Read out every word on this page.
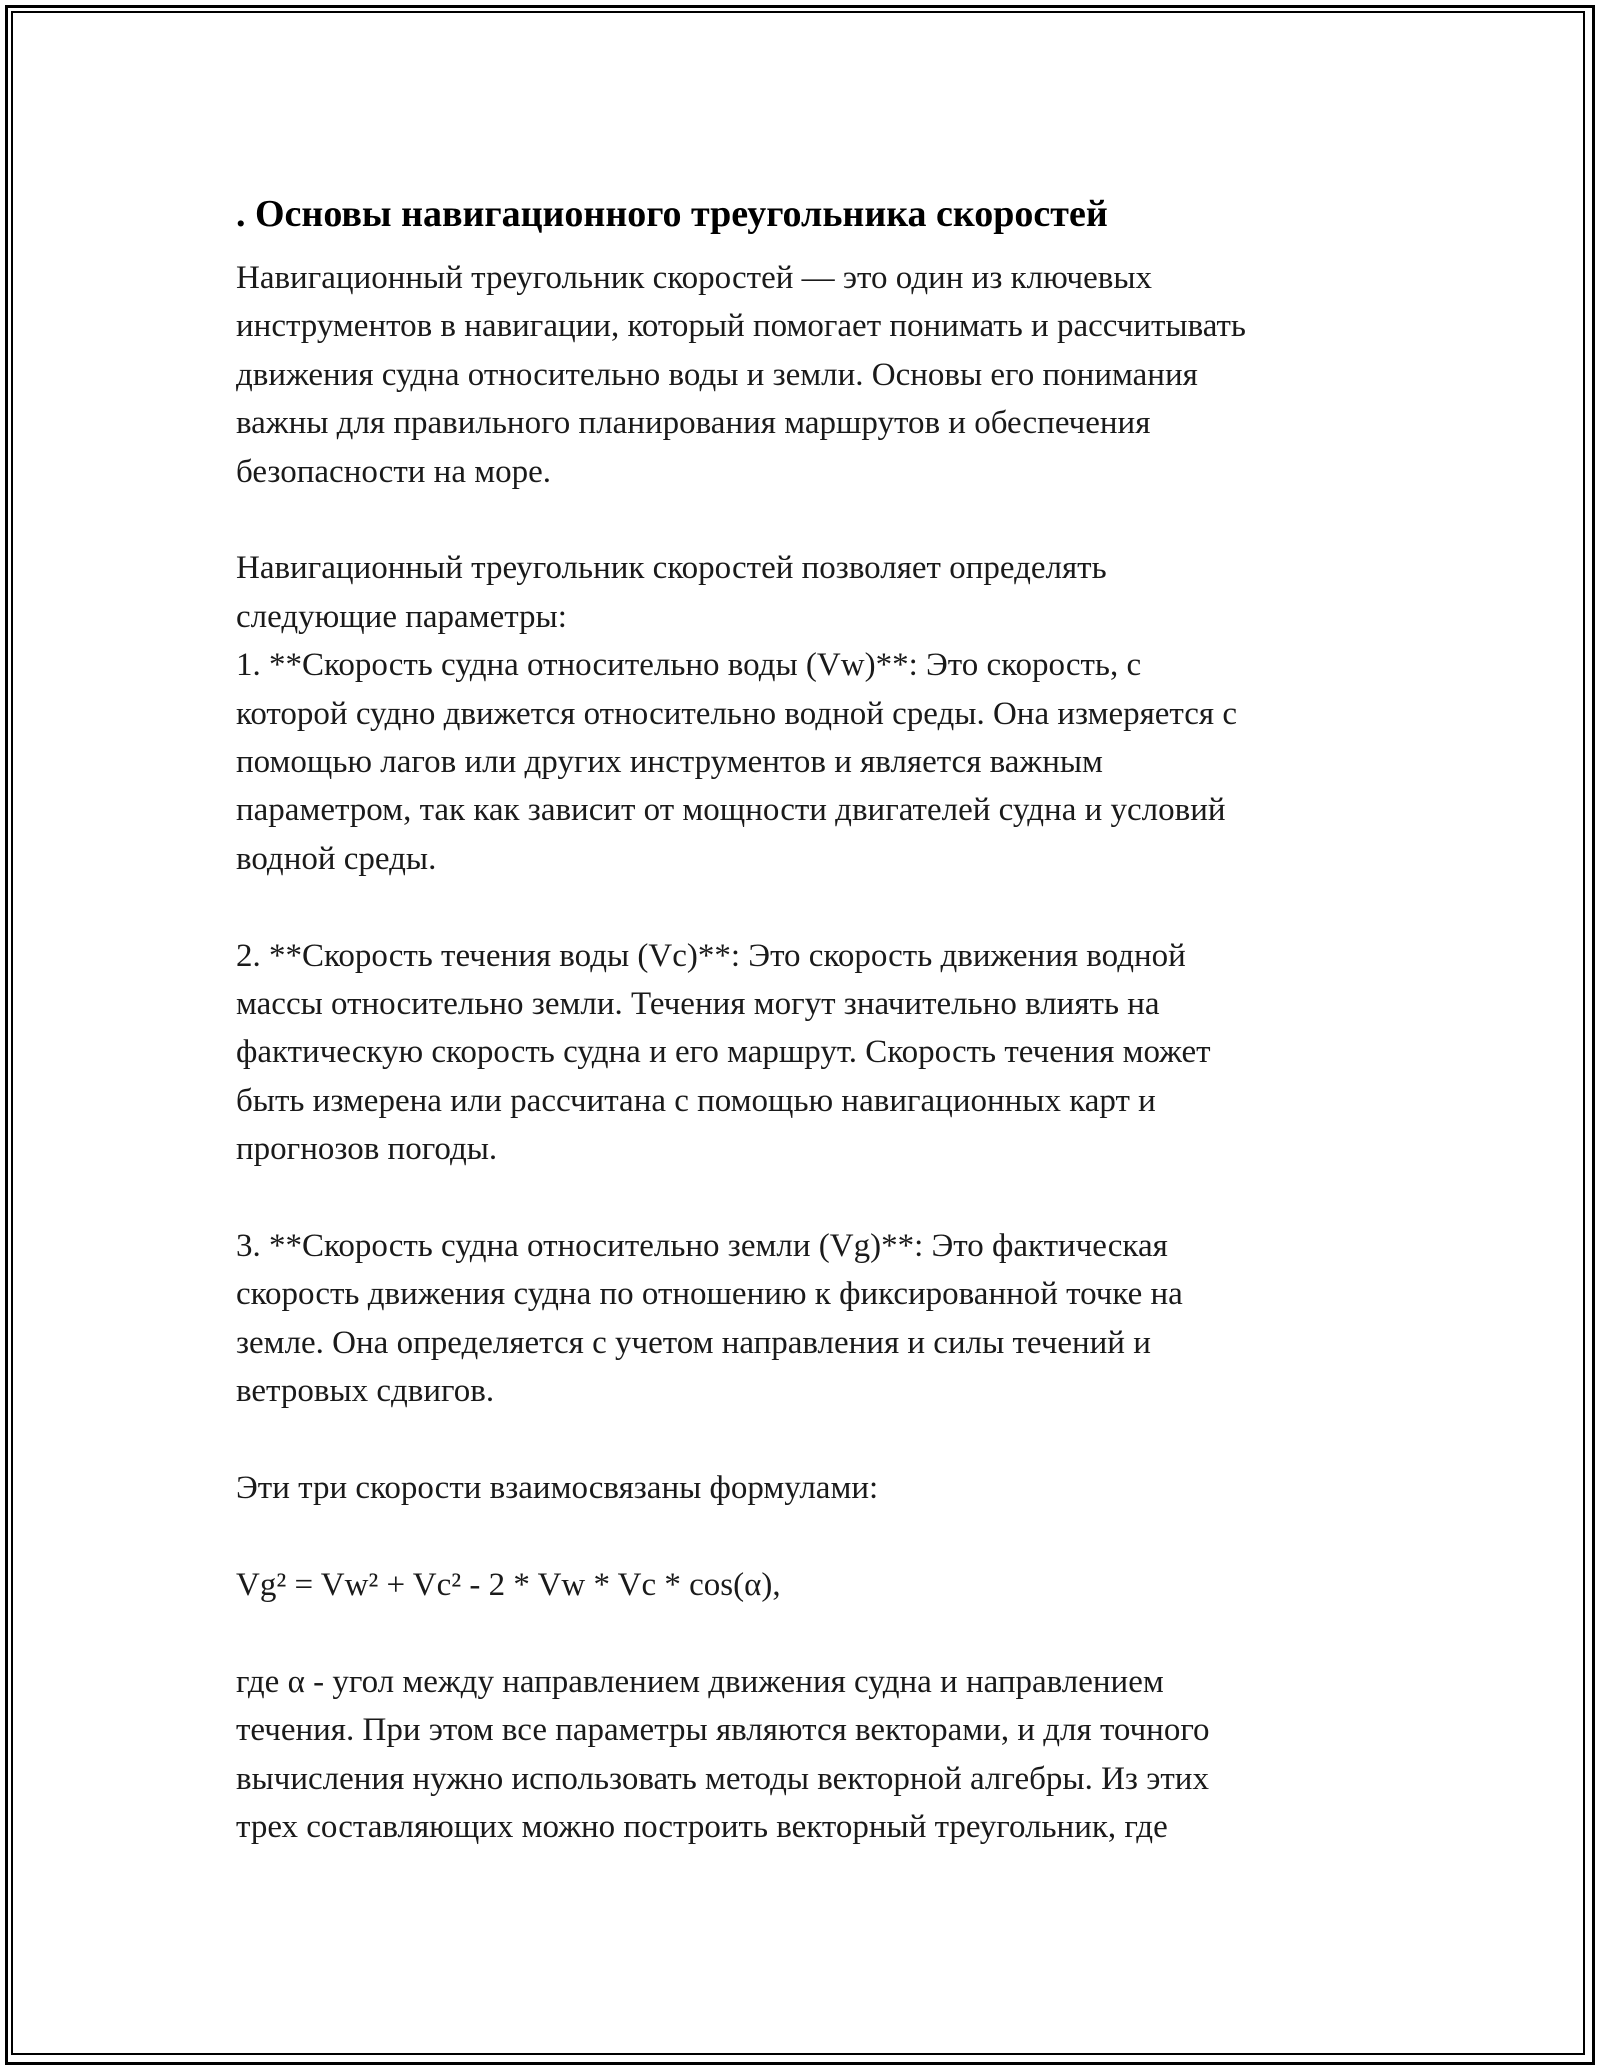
. Основы навигационного треугольника скоростей

Навигационный треугольник скоростей — это один из ключевых
инструментов в навигации, который помогает понимать и рассчитывать
движения судна относительно воды и земли. Основы его понимания
важны для правильного планирования маршрутов и обеспечения
безопасности на море.

Навигационный треугольник скоростей позволяет определять
следующие параметры:
1. **Скорость судна относительно воды (Vw)**: Это скорость, с
которой судно движется относительно водной среды. Она измеряется с
помощью лагов или других инструментов и является важным
параметром, так как зависит от мощности двигателей судна и условий
водной среды.

2. **Скорость течения воды (Vc)**: Это скорость движения водной
массы относительно земли. Течения могут значительно влиять на
фактическую скорость судна и его маршрут. Скорость течения может
быть измерена или рассчитана с помощью навигационных карт и
прогнозов погоды.

3. **Скорость судна относительно земли (Vg)**: Это фактическая
скорость движения судна по отношению к фиксированной точке на
земле. Она определяется с учетом направления и силы течений и
ветровых сдвигов.

Эти три скорости взаимосвязаны формулами:

Vg² = Vw² + Vc² - 2 * Vw * Vc * cos(α),

где α - угол между направлением движения судна и направлением
течения. При этом все параметры являются векторами, и для точного
вычисления нужно использовать методы векторной алгебры. Из этих
трех составляющих можно построить векторный треугольник, где
